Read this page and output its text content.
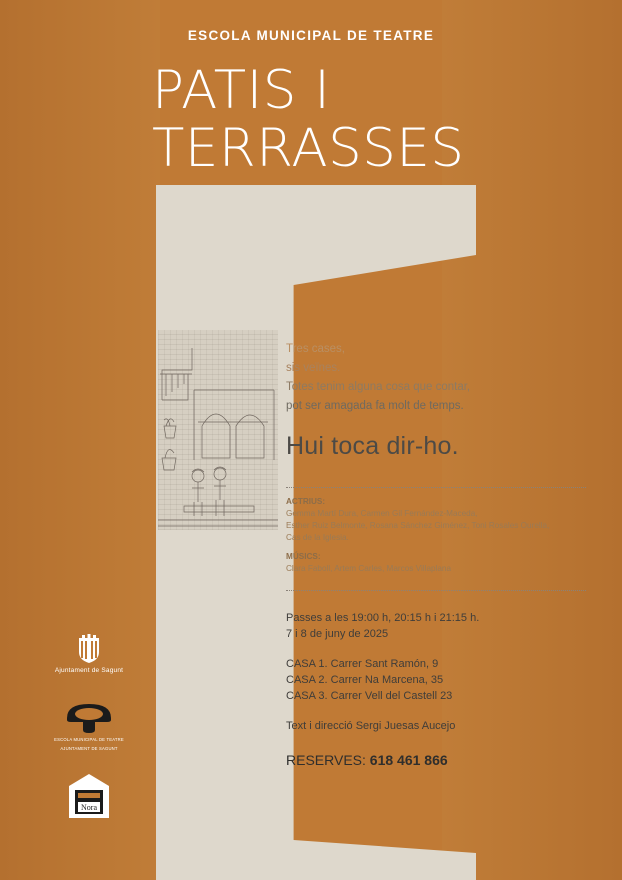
ESCOLA MUNICIPAL DE TEATRE
PATIS I
TERRASSES
Tres cases,
sis veïnes.
Totes tenim alguna cosa que contar,
pot ser amagada fa molt de temps.
Hui toca dir-ho.
ACTRIUS:
Gemma Martí Dura, Carmen Gil Fernández-Maceda,
Esther Ruiz Belmonte, Rosana Sánchez Giménez, Toni Rosales Ourella,
Cas de la Iglesia.
MÚSICS:
Clara Faboll, Artem Carles, Marcos Villaplana
Passes a les 19:00 h, 20:15 h i 21:15 h.
7 i 8 de juny de 2025
CASA 1. Carrer Sant Ramón, 9
CASA 2. Carrer Na Marcena, 35
CASA 3. Carrer Vell del Castell 23
Text i direcció Sergi Juesas Aucejo
RESERVES: 618 461 866
Ajuntament de Sagunt
ESCOLA MUNICIPAL DE TEATRE
AJUNTAMENT DE SAGUNT
Nora
